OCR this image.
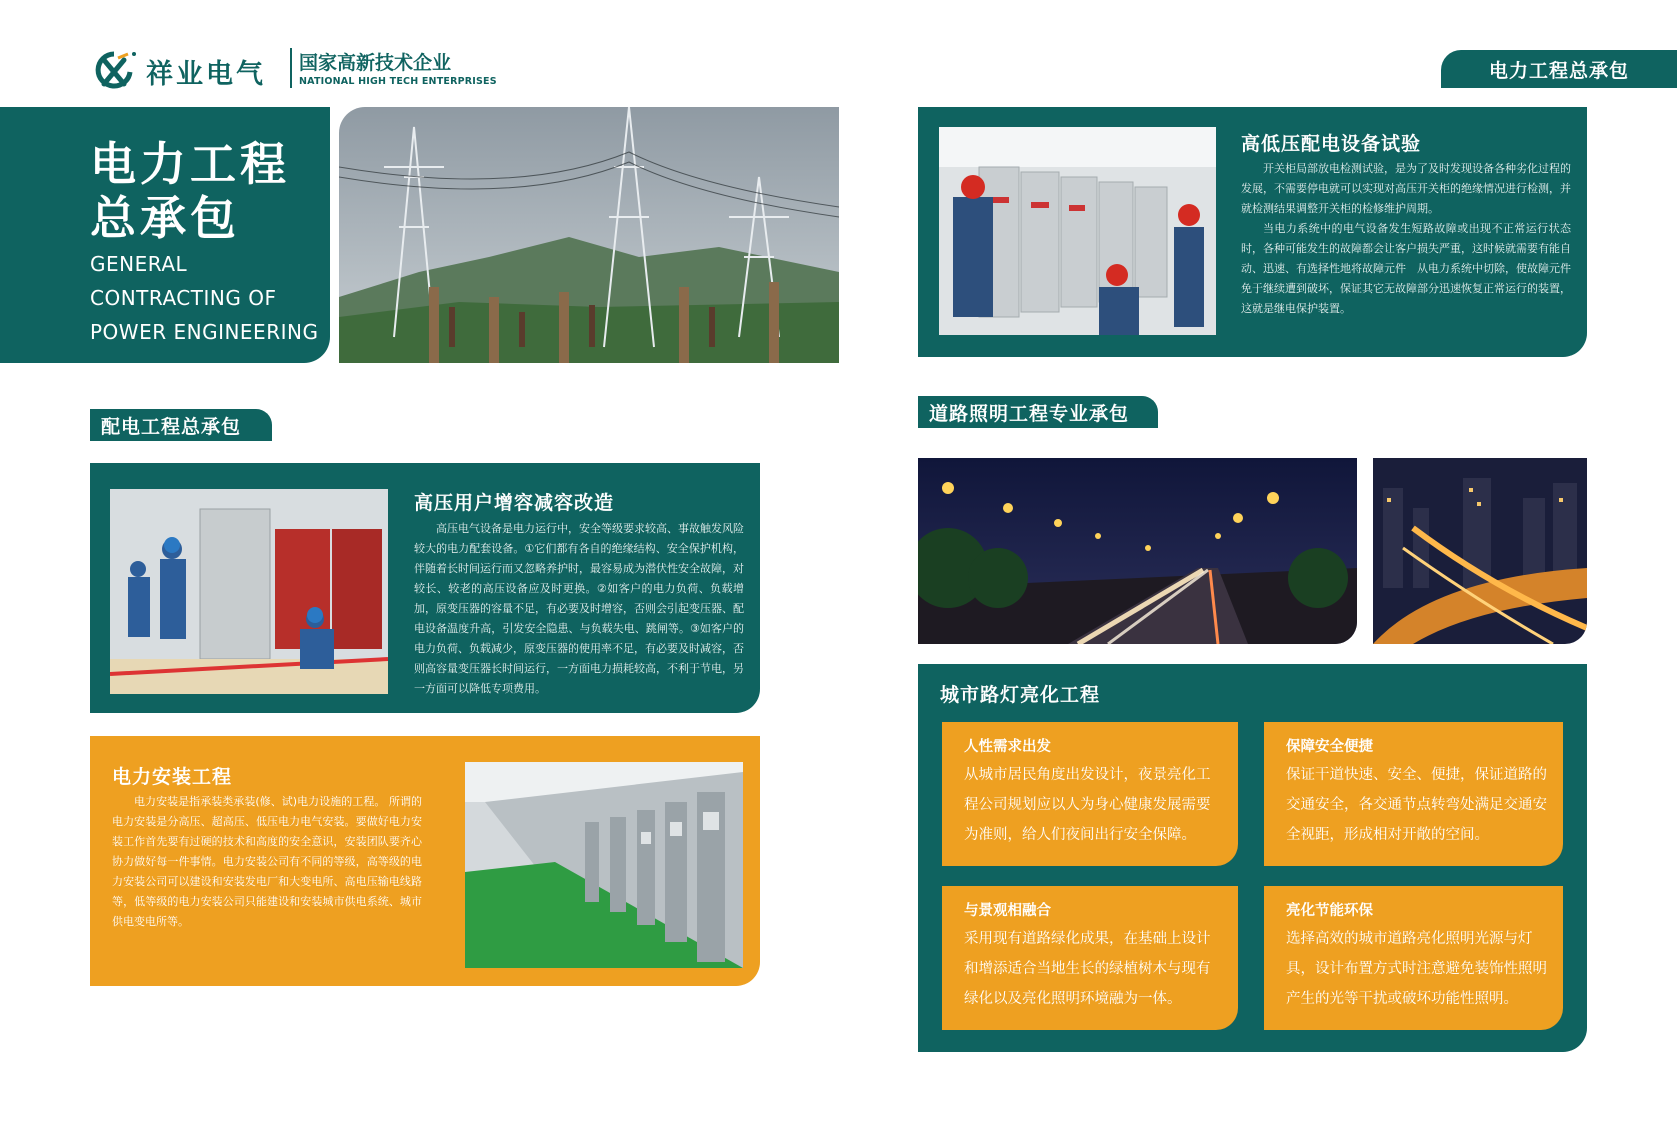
祥业电气 国家高新技术企业
NATIONAL HIGH TECH ENTERPRISES	电力工程总承包
电力工程
总承包
GENERAL
CONTRACTING OF
POWER ENGINEERING
配电工程总承包
高压用户增容减容改造

高压电气设备是电力运行中，安全等级要求较高、事故触发风险较大的电力配套设备。①它们都有各自的绝缘结构、安全保护机构，伴随着长时间运行而又忽略养护时，最容易成为潜伏性安全故障，对较长、较老的高压设备应及时更换。②如客户的电力负荷、负载增加，原变压器的容量不足，有必要及时增容，否则会引起变压器、配电设备温度升高，引发安全隐患、与负载失电、跳闸等。③如客户的电力负荷、负载减少，原变压器的使用率不足，有必要及时减容，否则高容量变压器长时间运行，一方面电力损耗较高，不利于节电，另一方面可以降低专项费用。

电力安装工程

电力安装是指承装类承装(修、试)电力设施的工程。 所谓的电力安装是分高压、超高压、低压电力电气安装。要做好电力安装工作首先要有过硬的技术和高度的安全意识，安装团队要齐心协力做好每一件事情。电力安装公司有不同的等级，高等级的电力安装公司可以建设和安装发电厂和大变电所、高电压输电线路等，低等级的电力安装公司只能建设和安装城市供电系统、城市供电变电所等。

高低压配电设备试验

开关柜局部放电检测试验，是为了及时发现设备各种劣化过程的发展，不需要停电就可以实现对高压开关柜的绝缘情况进行检测，并就检测结果调整开关柜的检修维护周期。

当电力系统中的电气设备发生短路故障或出现不正常运行状态时，各种可能发生的故障都会让客户损失严重，这时候就需要有能自动、迅速、有选择性地将故障元件　从电力系统中切除，使故障元件免于继续遭到破坏，保证其它无故障部分迅速恢复正常运行的装置，这就是继电保护装置。

道路照明工程专业承包
城市路灯亮化工程
人性需求出发
从城市居民角度出发设计，夜景亮化工程公司规划应以人为身心健康发展需要为准则，给人们夜间出行安全保障。
保障安全便捷
保证干道快速、安全、便捷，保证道路的交通安全，各交通节点转弯处满足交通安全视距，形成相对开敞的空间。
与景观相融合
采用现有道路绿化成果，在基础上设计和增添适合当地生长的绿植树木与现有绿化以及亮化照明环境融为一体。
亮化节能环保
选择高效的城市道路亮化照明光源与灯具，设计布置方式时注意避免装饰性照明产生的光等干扰或破坏功能性照明。
